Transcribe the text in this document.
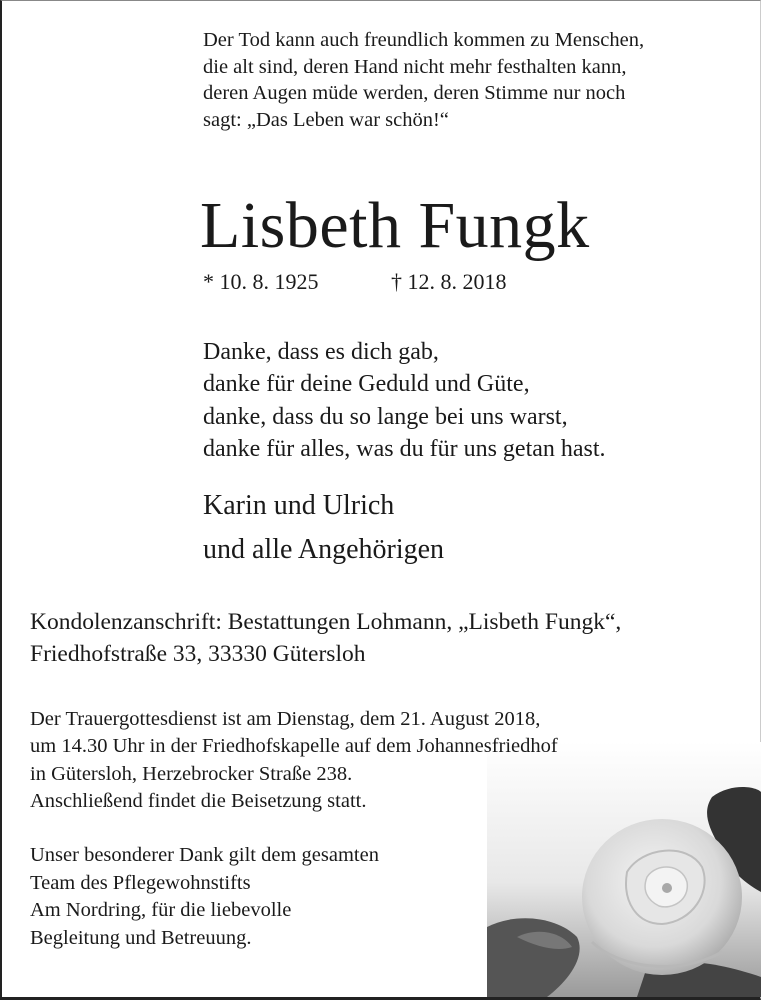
Der Tod kann auch freundlich kommen zu Menschen,
die alt sind, deren Hand nicht mehr festhalten kann,
deren Augen müde werden, deren Stimme nur noch
sagt: „Das Leben war schön!“
Lisbeth Fungk
* 10. 8. 1925	† 12. 8. 2018
Danke, dass es dich gab,
danke für deine Geduld und Güte,
danke, dass du so lange bei uns warst,
danke für alles, was du für uns getan hast.
Karin und Ulrich
und alle Angehörigen
Kondolenzanschrift: Bestattungen Lohmann, „Lisbeth Fungk“,
Friedhofstraße 33, 33330 Gütersloh
Der Trauergottesdienst ist am Dienstag, dem 21. August 2018,
um 14.30 Uhr in der Friedhofskapelle auf dem Johannesfriedhof
in Gütersloh, Herzebrocker Straße 238.
Anschließend findet die Beisetzung statt.
Unser besonderer Dank gilt dem gesamten
Team des Pflegewohnstifts
Am Nordring, für die liebevolle
Begleitung und Betreuung.
